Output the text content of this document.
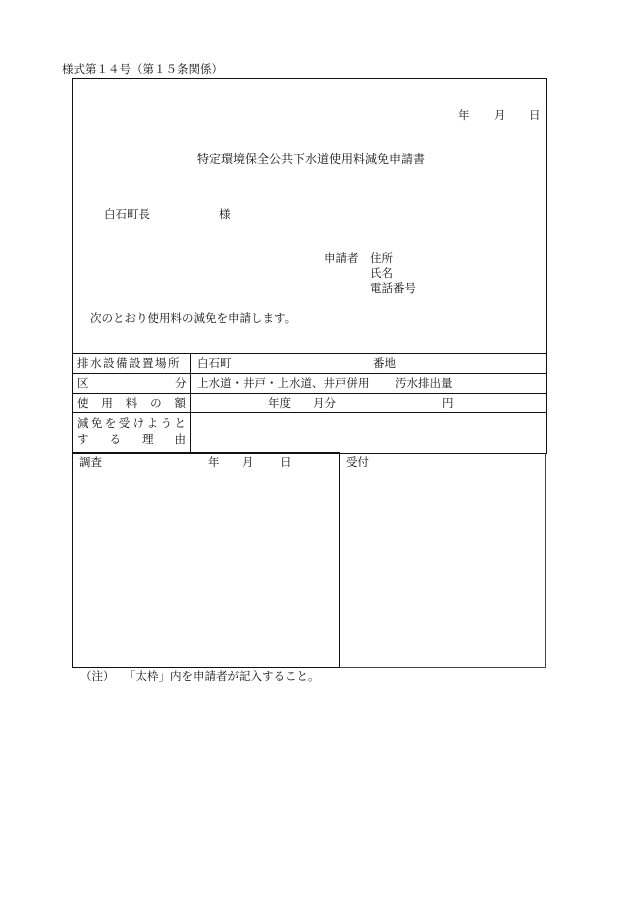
様式第１４号（第１５条関係）
年 月 日
特定環境保全公共下水道使用料減免申請書
白石町長	様
申請者 住所
氏名
電話番号
次のとおり使用料の減免を申請します。
排水設備設置場所 白石町	番地
区	分 上水道・井戸・上水道、井戸併用 汚水排出量
使 用 料 の 額	年度 月分	円
減 免 を 受 け よ う と
す る 理 由
調査	年 月 日	受付
（注） 「太枠」内を申請者が記入すること。
